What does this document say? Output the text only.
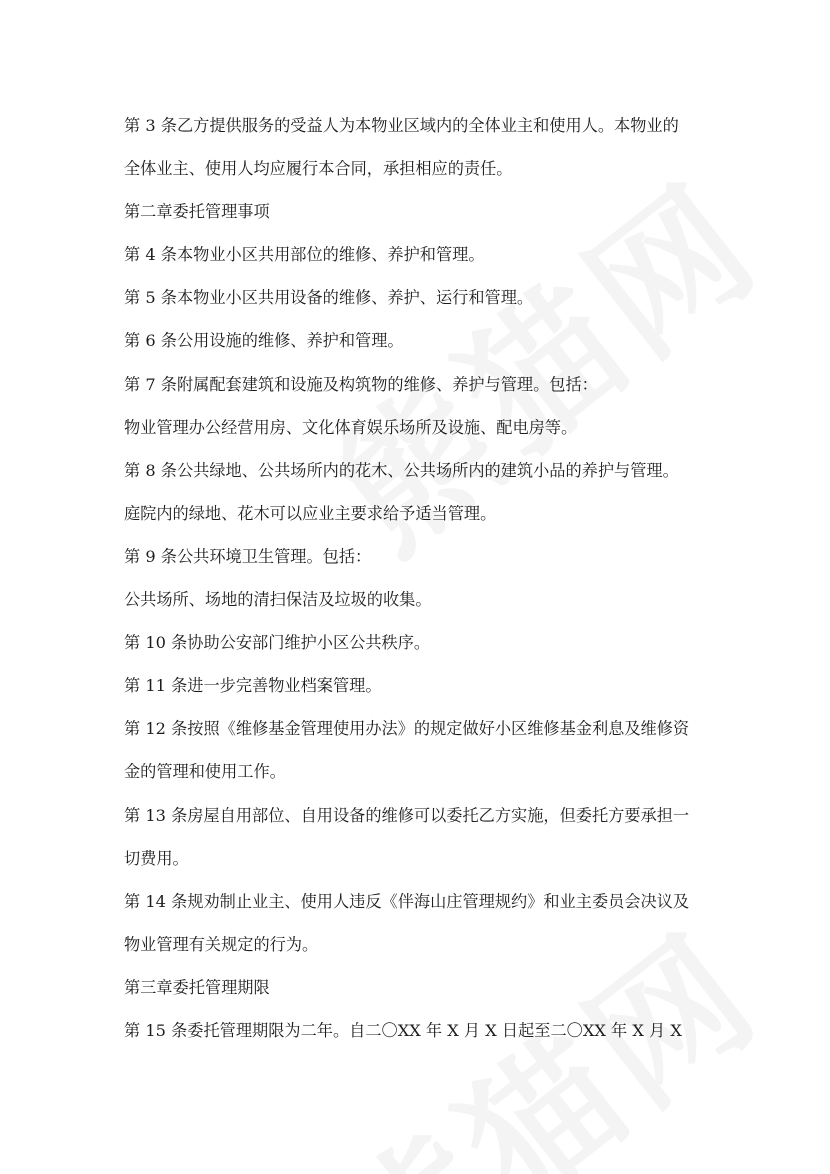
第 3 条乙方提供服务的受益人为本物业区域内的全体业主和使用人。本物业的

全体业主、使用人均应履行本合同，承担相应的责任。

第二章委托管理事项

第 4 条本物业小区共用部位的维修、养护和管理。

第 5 条本物业小区共用设备的维修、养护、运行和管理。

第 6 条公用设施的维修、养护和管理。

第 7 条附属配套建筑和设施及构筑物的维修、养护与管理。包括：

物业管理办公经营用房、文化体育娱乐场所及设施、配电房等。

第 8 条公共绿地、公共场所内的花木、公共场所内的建筑小品的养护与管理。

庭院内的绿地、花木可以应业主要求给予适当管理。

第 9 条公共环境卫生管理。包括：

公共场所、场地的清扫保洁及垃圾的收集。

第 10 条协助公安部门维护小区公共秩序。

第 11 条进一步完善物业档案管理。

第 12 条按照《维修基金管理使用办法》的规定做好小区维修基金利息及维修资

金的管理和使用工作。

第 13 条房屋自用部位、自用设备的维修可以委托乙方实施，但委托方要承担一

切费用。

第 14 条规劝制止业主、使用人违反《伴海山庄管理规约》和业主委员会决议及

物业管理有关规定的行为。

第三章委托管理期限

第 15 条委托管理期限为二年。自二〇XX 年 X 月 X 日起至二〇XX 年 X 月 X
